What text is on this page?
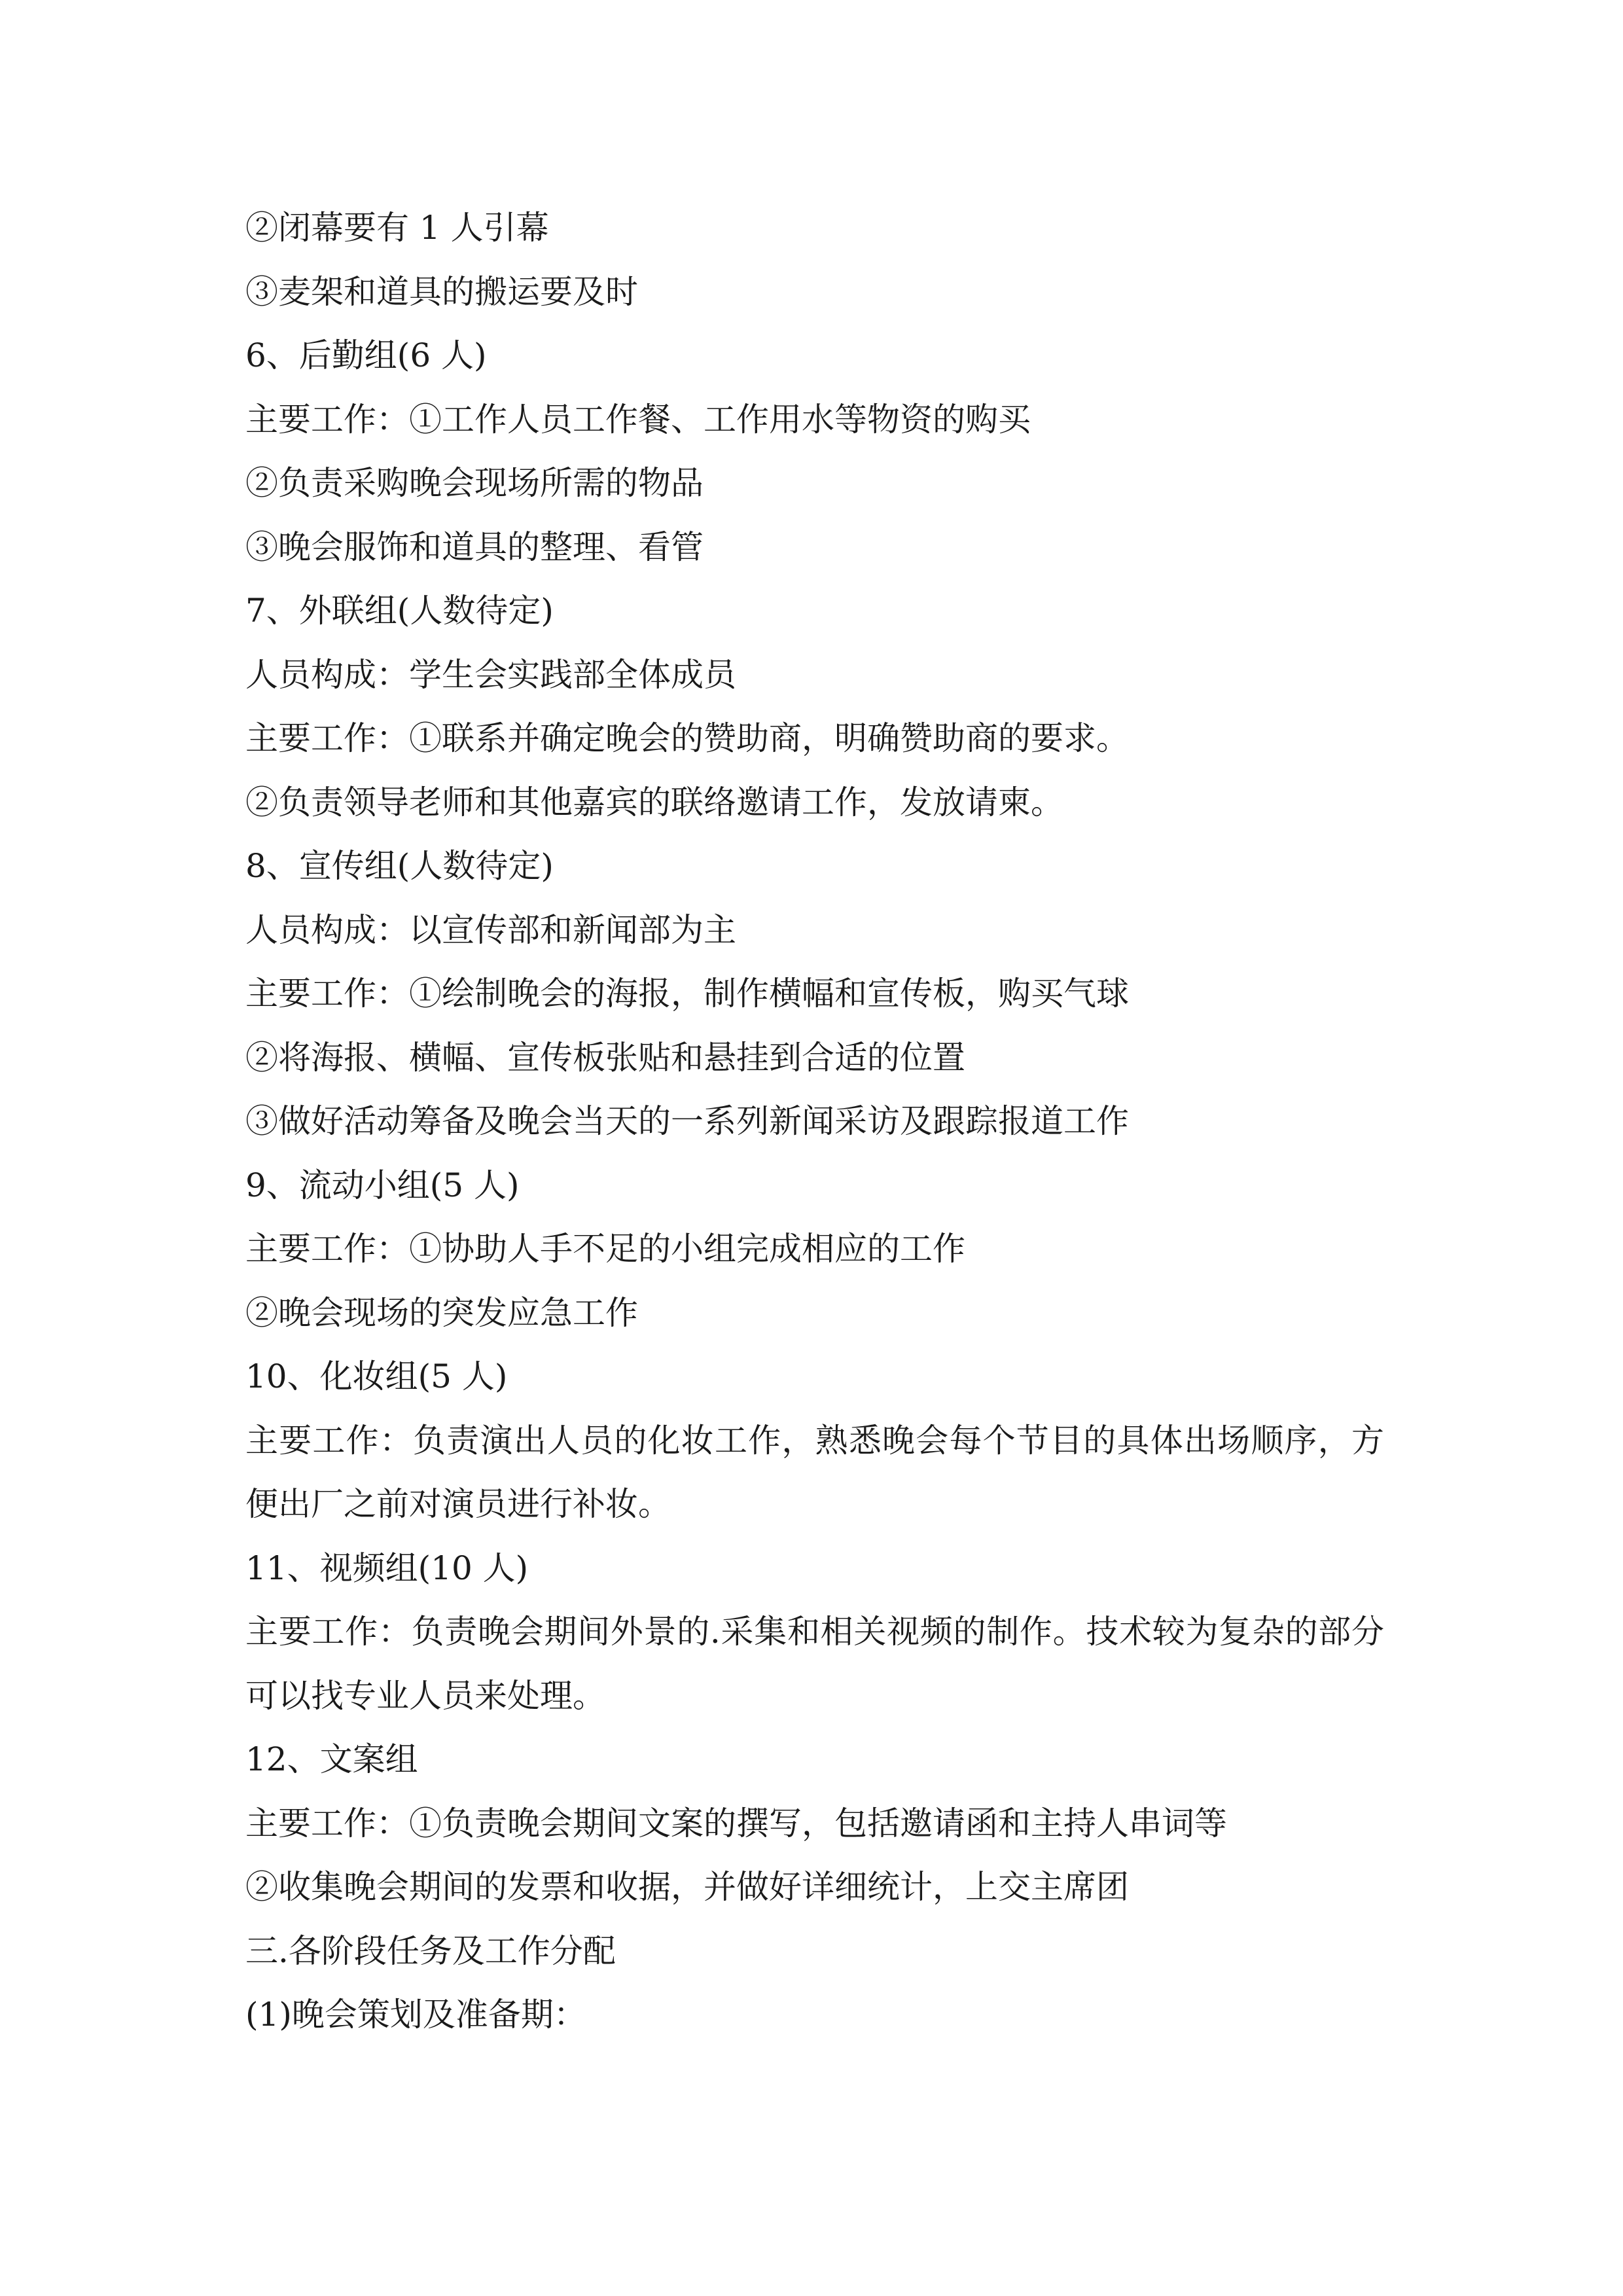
②闭幕要有 1 人引幕
③麦架和道具的搬运要及时
6、后勤组(6 人)
主要工作：①工作人员工作餐、工作用水等物资的购买
②负责采购晚会现场所需的物品
③晚会服饰和道具的整理、看管
7、外联组(人数待定)
人员构成：学生会实践部全体成员
主要工作：①联系并确定晚会的赞助商，明确赞助商的要求。
②负责领导老师和其他嘉宾的联络邀请工作，发放请柬。
8、宣传组(人数待定)
人员构成：以宣传部和新闻部为主
主要工作：①绘制晚会的海报，制作横幅和宣传板，购买气球
②将海报、横幅、宣传板张贴和悬挂到合适的位置
③做好活动筹备及晚会当天的一系列新闻采访及跟踪报道工作
9、流动小组(5 人)
主要工作：①协助人手不足的小组完成相应的工作
②晚会现场的突发应急工作
10、化妆组(5 人)
主要工作：负责演出人员的化妆工作，熟悉晚会每个节目的具体出场顺序，方便出厂之前对演员进行补妆。
11、视频组(10 人)
主要工作：负责晚会期间外景的.采集和相关视频的制作。技术较为复杂的部分可以找专业人员来处理。
12、文案组
主要工作：①负责晚会期间文案的撰写，包括邀请函和主持人串词等
②收集晚会期间的发票和收据，并做好详细统计，上交主席团
三.各阶段任务及工作分配
(1)晚会策划及准备期：
